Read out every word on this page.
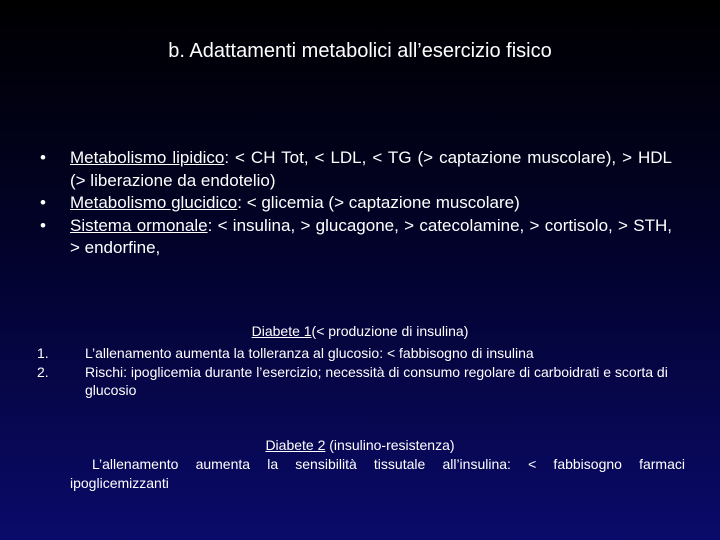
b. Adattamenti metabolici all’esercizio fisico
•	Metabolismo lipidico: < CH Tot, < LDL, < TG (> captazione muscolare), > HDL (> liberazione da endotelio)
•	Metabolismo glucidico: < glicemia (> captazione muscolare)
•	Sistema ormonale: < insulina, > glucagone, > catecolamine, > cortisolo, > STH, > endorfine,
Diabete 1(< produzione di insulina)
1.	L’allenamento aumenta la tolleranza al glucosio: < fabbisogno di insulina
2.	Rischi: ipoglicemia durante l’esercizio; necessità di consumo regolare di carboidrati e scorta di glucosio
Diabete 2 (insulino-resistenza)
L’allenamento aumenta la sensibilità tissutale all’insulina: < fabbisogno farmaci
ipoglicemizzanti
